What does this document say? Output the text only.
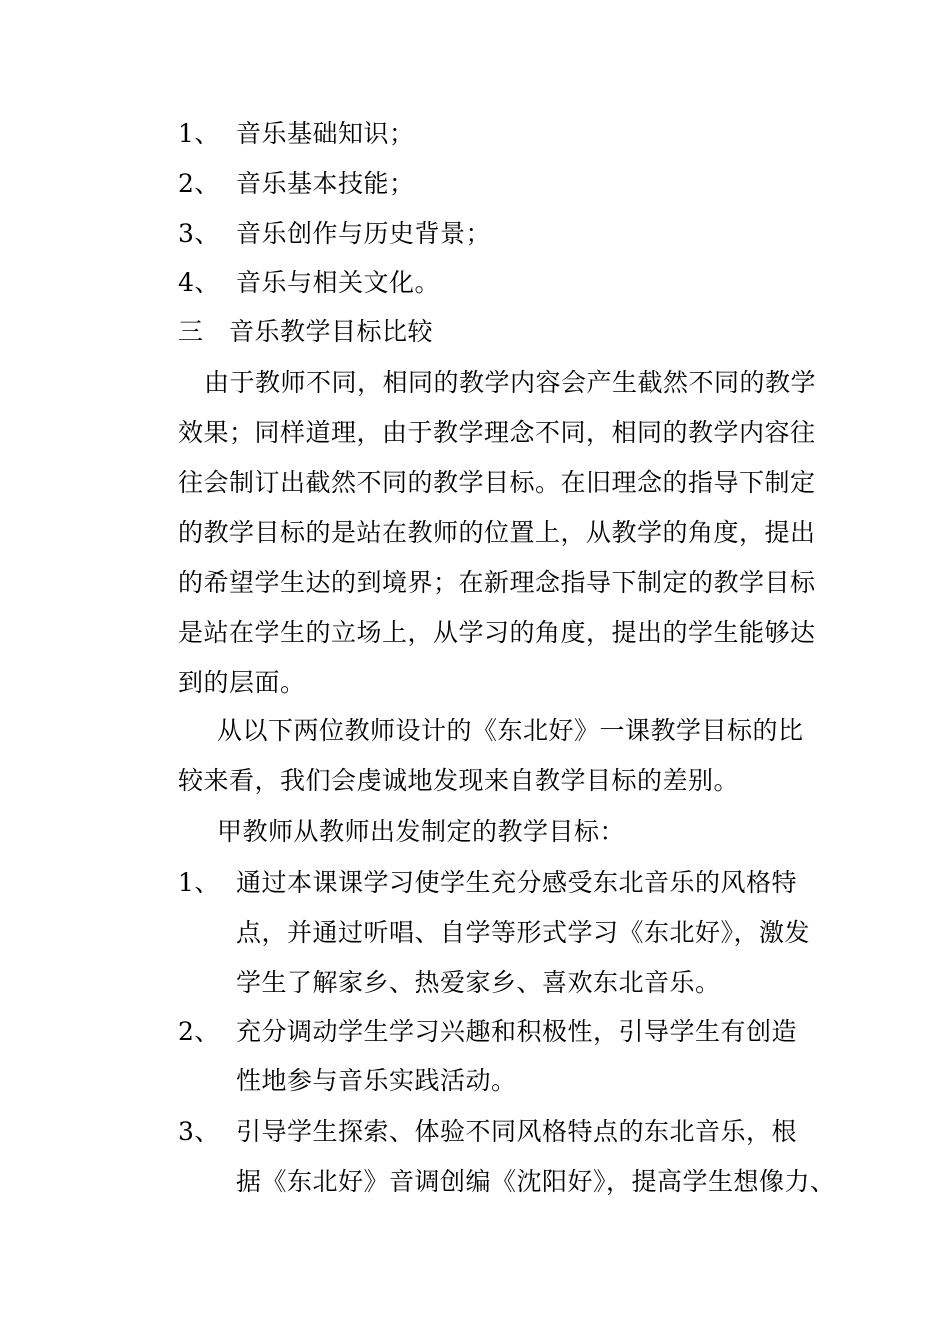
1、 音乐基础知识；
2、 音乐基本技能；
3、 音乐创作与历史背景；
4、 音乐与相关文化。
三 音乐教学目标比较
由于教师不同，相同的教学内容会产生截然不同的教学
效果；同样道理，由于教学理念不同，相同的教学内容往
往会制订出截然不同的教学目标。在旧理念的指导下制定
的教学目标的是站在教师的位置上，从教学的角度，提出
的希望学生达的到境界；在新理念指导下制定的教学目标
是站在学生的立场上，从学习的角度，提出的学生能够达
到的层面。
从以下两位教师设计的《东北好》一课教学目标的比
较来看，我们会虔诚地发现来自教学目标的差别。
甲教师从教师出发制定的教学目标：
1、 通过本课课学习使学生充分感受东北音乐的风格特
点，并通过听唱、自学等形式学习《东北好》，激发
学生了解家乡、热爱家乡、喜欢东北音乐。
2、 充分调动学生学习兴趣和积极性，引导学生有创造
性地参与音乐实践活动。
3、 引导学生探索、体验不同风格特点的东北音乐，根
据《东北好》音调创编《沈阳好》，提高学生想像力、
